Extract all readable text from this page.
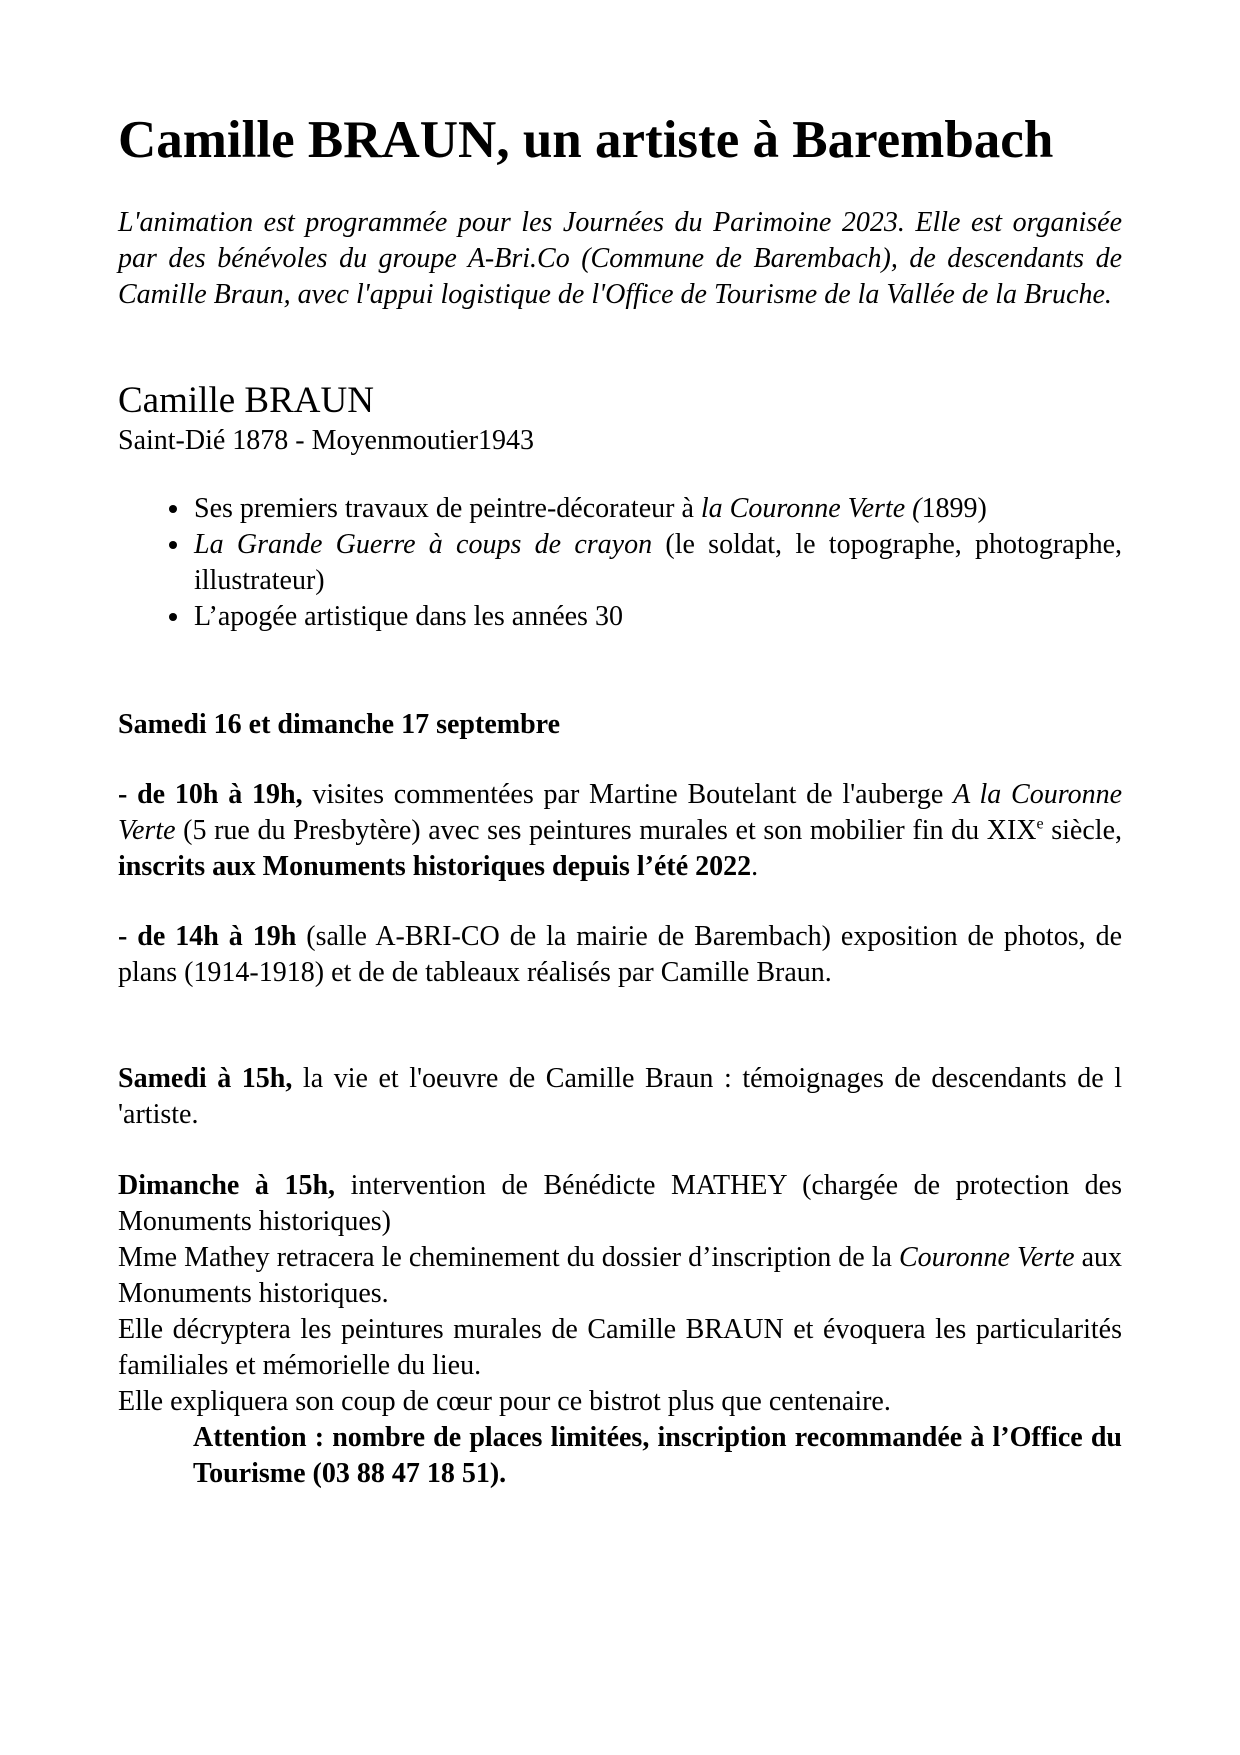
Camille BRAUN, un artiste à Barembach
L'animation est programmée pour les Journées du Parimoine 2023. Elle est organisée par des bénévoles du groupe A-Bri.Co (Commune de Barembach), de descendants de Camille Braun, avec l'appui logistique de l'Office de Tourisme de la Vallée de la Bruche.
Camille BRAUN
Saint-Dié 1878 - Moyenmoutier1943
• Ses premiers travaux de peintre-décorateur à la Couronne Verte (1899)
• La Grande Guerre à coups de crayon (le soldat, le topographe, photographe, illustrateur)
• L’apogée artistique dans les années 30
Samedi 16 et dimanche 17 septembre
- de 10h à 19h, visites commentées par Martine Boutelant de l'auberge A la Couronne Verte (5 rue du Presbytère) avec ses peintures murales et son mobilier fin du XIXe siècle, inscrits aux Monuments historiques depuis l’été 2022.
- de 14h à 19h (salle A-BRI-CO de la mairie de Barembach) exposition de photos, de plans (1914-1918) et de de tableaux réalisés par Camille Braun.
Samedi à 15h, la vie et l'oeuvre de Camille Braun : témoignages de descendants de l 'artiste.
Dimanche à 15h, intervention de Bénédicte MATHEY (chargée de protection des Monuments historiques)
Mme Mathey retracera le cheminement du dossier d’inscription de la Couronne Verte aux Monuments historiques.
Elle décryptera les peintures murales de Camille BRAUN et évoquera les particularités familiales et mémorielle du lieu.
Elle expliquera son coup de cœur pour ce bistrot plus que centenaire.
Attention : nombre de places limitées, inscription recommandée à l’Office du Tourisme (03 88 47 18 51).
